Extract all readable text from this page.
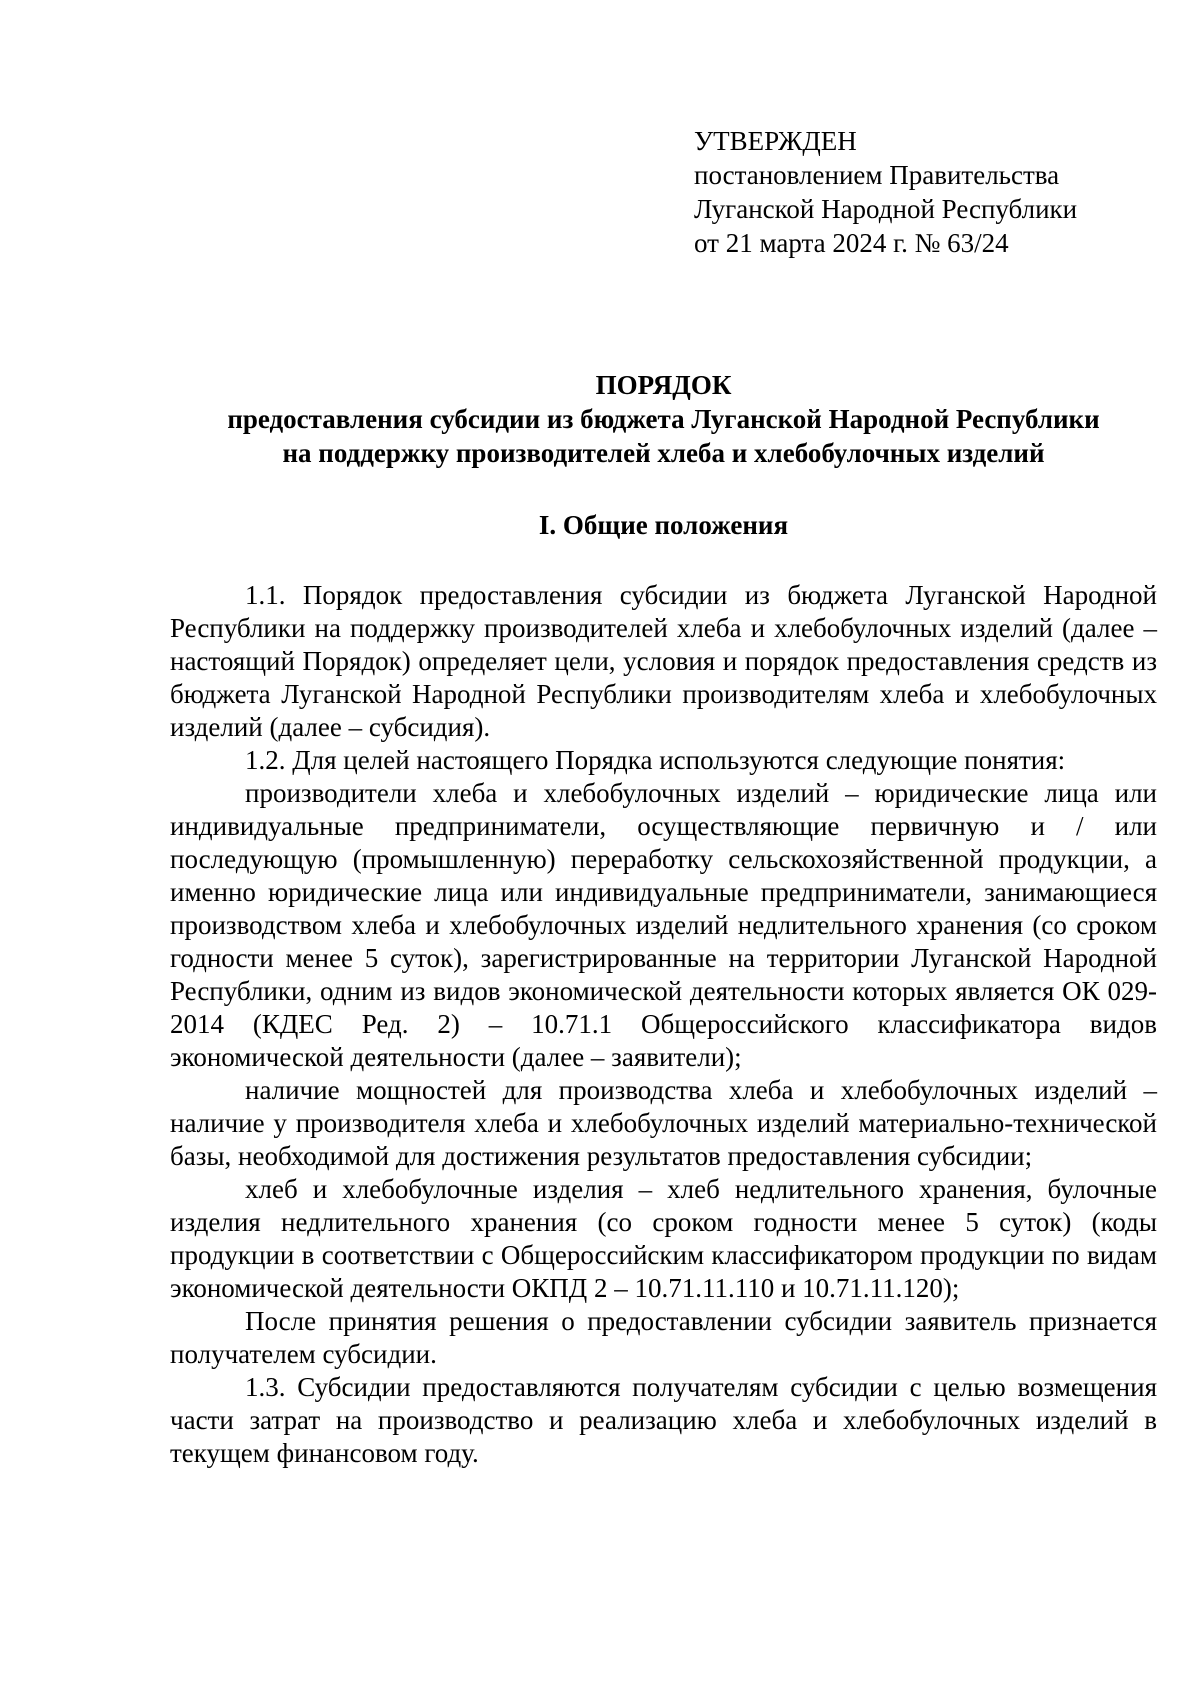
УТВЕРЖДЕН
постановлением Правительства
Луганской Народной Республики
от 21 марта 2024 г. № 63/24
ПОРЯДОК
предоставления субсидии из бюджета Луганской Народной Республики
на поддержку производителей хлеба и хлебобулочных изделий
I. Общие положения

1.1. Порядок предоставления субсидии из бюджета Луганской Народной Республики на поддержку производителей хлеба и хлебобулочных изделий (далее – настоящий Порядок) определяет цели, условия и порядок предоставления средств из бюджета Луганской Народной Республики производителям хлеба и хлебобулочных изделий (далее – субсидия).

1.2. Для целей настоящего Порядка используются следующие понятия:

производители хлеба и хлебобулочных изделий – юридические лица или индивидуальные предприниматели, осуществляющие первичную и / или последующую (промышленную) переработку сельскохозяйственной продукции, а именно юридические лица или индивидуальные предприниматели, занимающиеся производством хлеба и хлебобулочных изделий недлительного хранения (со сроком годности менее 5 суток), зарегистрированные на территории Луганской Народной Республики, одним из видов экономической деятельности которых является ОК 029-2014 (КДЕС Ред. 2) – 10.71.1 Общероссийского классификатора видов экономической деятельности (далее – заявители);

наличие мощностей для производства хлеба и хлебобулочных изделий – наличие у производителя хлеба и хлебобулочных изделий материально-технической базы, необходимой для достижения результатов предоставления субсидии;

хлеб и хлебобулочные изделия – хлеб недлительного хранения, булочные изделия недлительного хранения (со сроком годности менее 5 суток) (коды продукции в соответствии с Общероссийским классификатором продукции по видам экономической деятельности ОКПД 2 – 10.71.11.110 и 10.71.11.120);

После принятия решения о предоставлении субсидии заявитель признается получателем субсидии.

1.3. Субсидии предоставляются получателям субсидии с целью возмещения части затрат на производство и реализацию хлеба и хлебобулочных изделий в текущем финансовом году.
